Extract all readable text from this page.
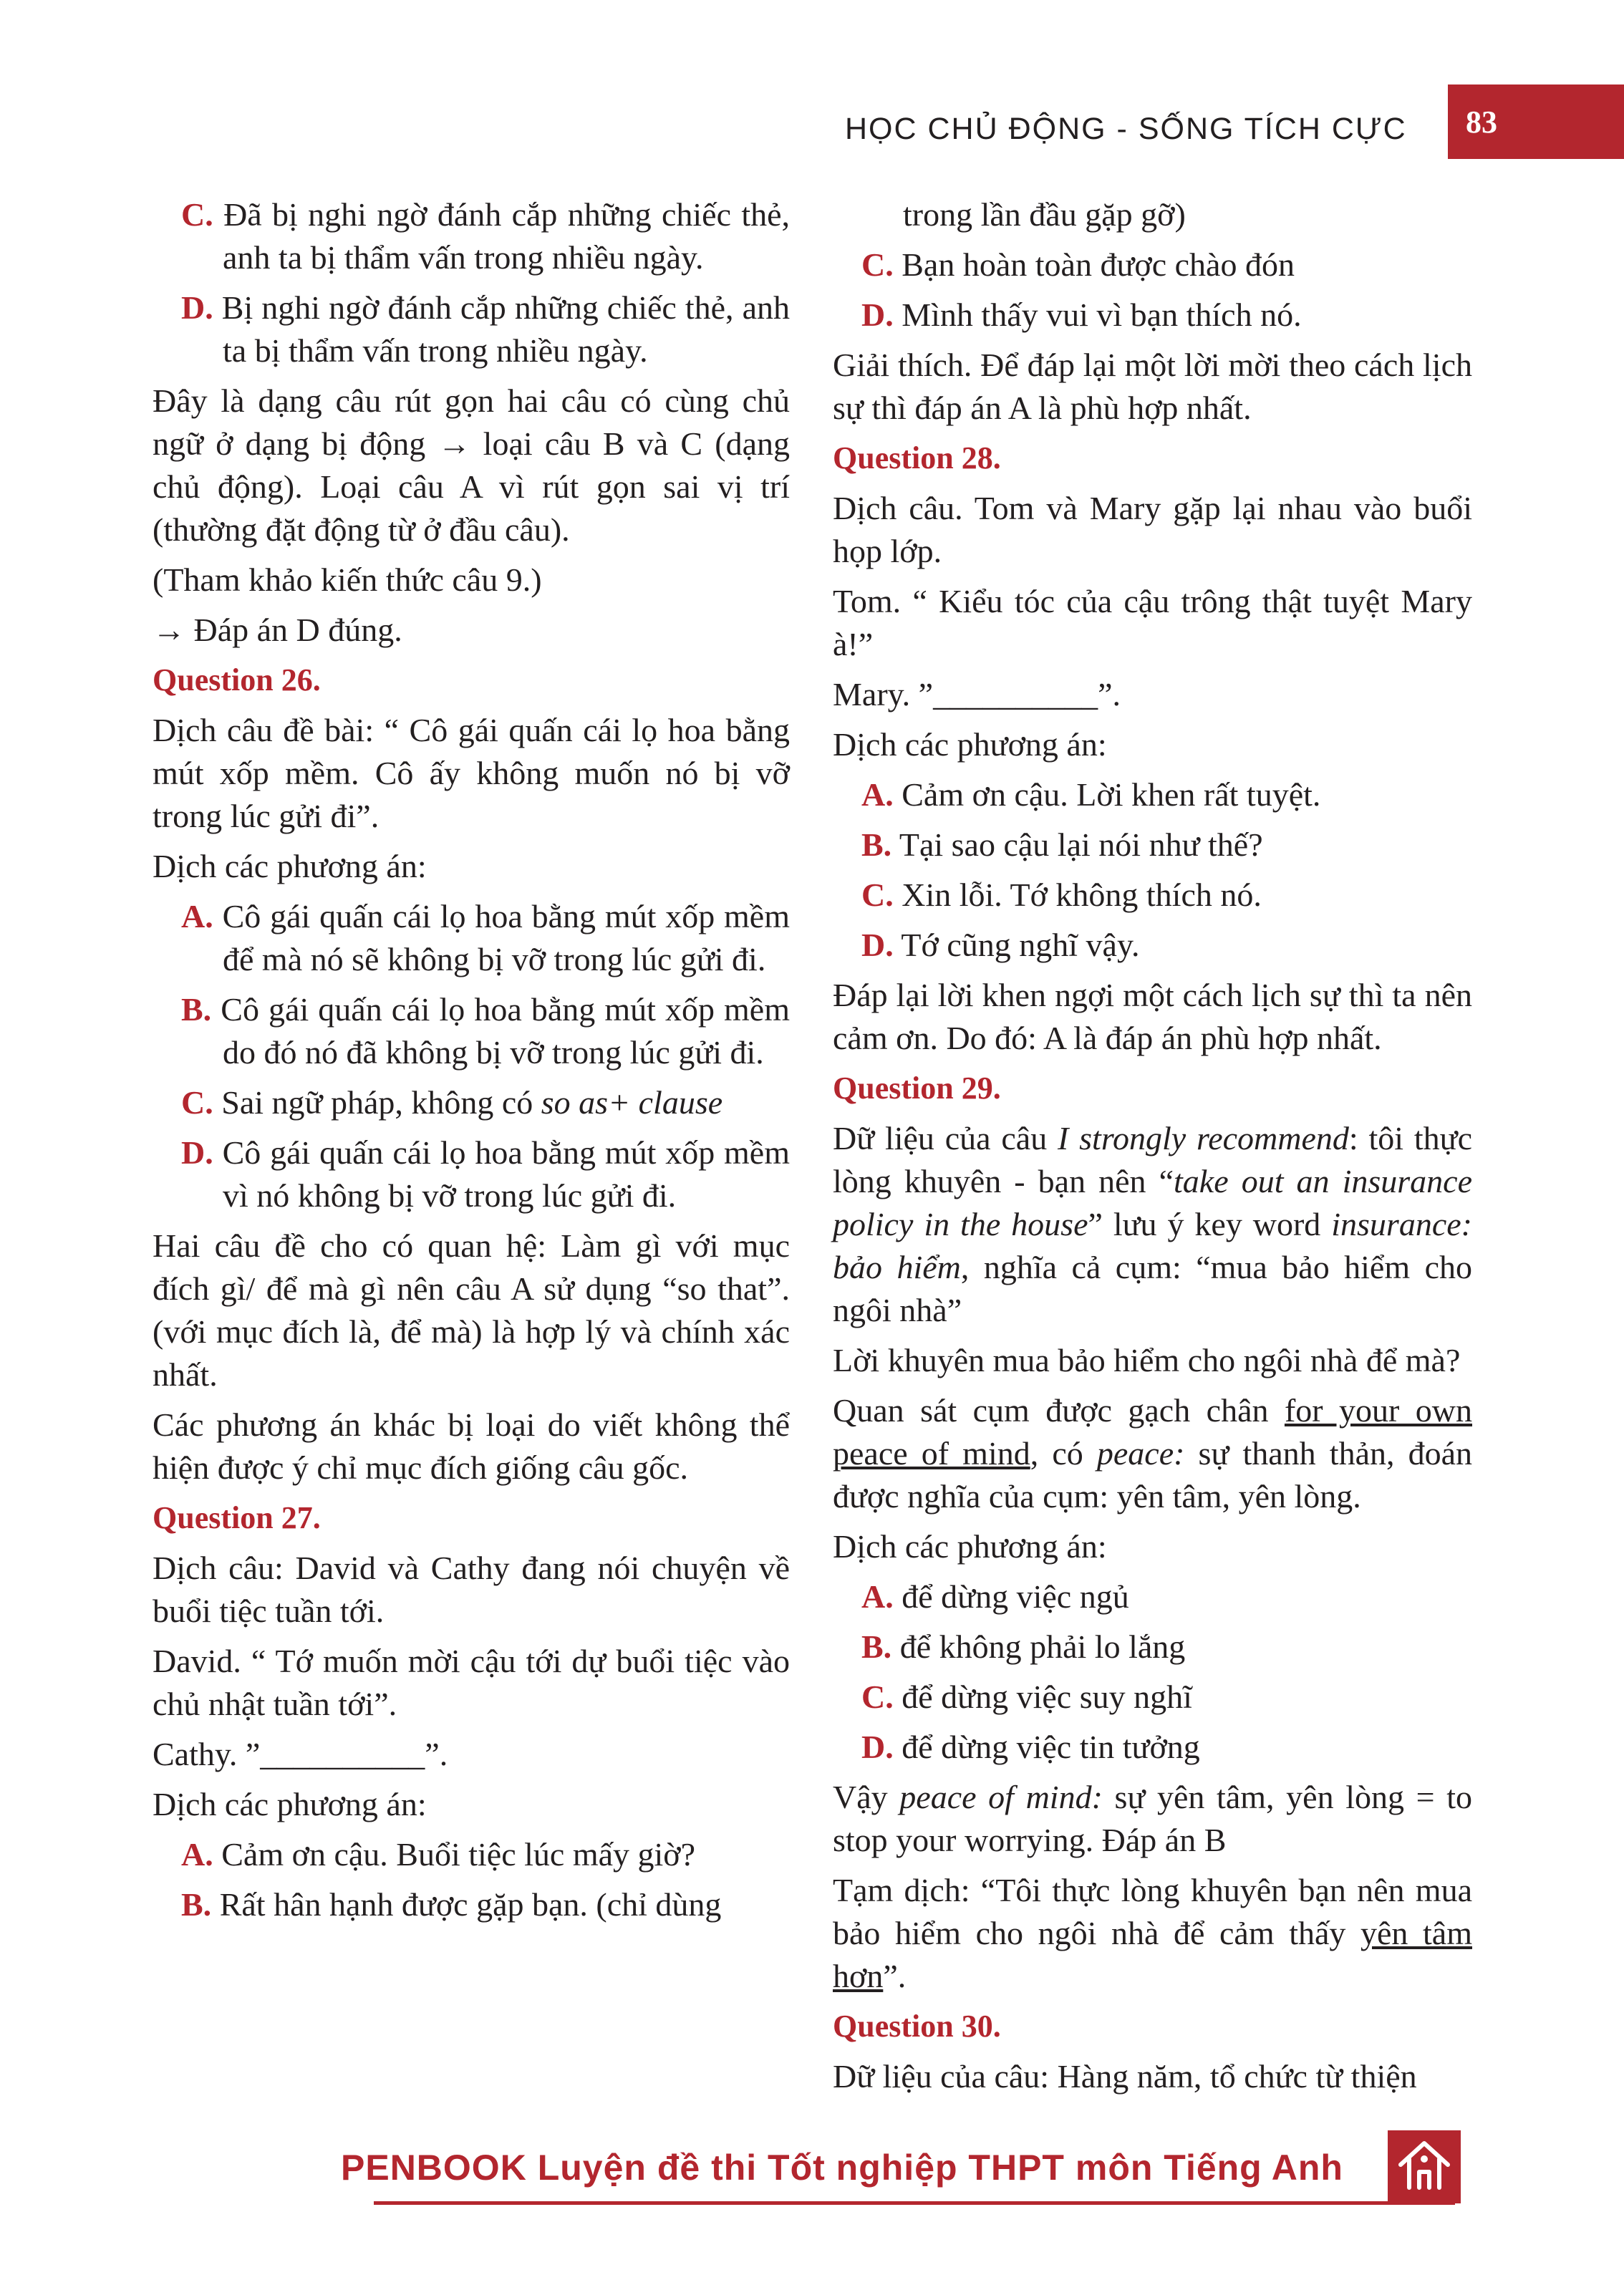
HỌC CHỦ ĐỘNG - SỐNG TÍCH CỰC	83

C. Đã bị nghi ngờ đánh cắp những chiếc thẻ, anh ta bị thẩm vấn trong nhiều ngày.

D. Bị nghi ngờ đánh cắp những chiếc thẻ, anh ta bị thẩm vấn trong nhiều ngày.

Đây là dạng câu rút gọn hai câu có cùng chủ ngữ ở dạng bị động → loại câu B và C (dạng chủ động). Loại câu A vì rút gọn sai vị trí (thường đặt động từ ở đầu câu).

(Tham khảo kiến thức câu 9.)

→ Đáp án D đúng.

Question 26.

Dịch câu đề bài: “ Cô gái quấn cái lọ hoa bằng mút xốp mềm. Cô ấy không muốn nó bị vỡ trong lúc gửi đi”.

Dịch các phương án:

A. Cô gái quấn cái lọ hoa bằng mút xốp mềm để mà nó sẽ không bị vỡ trong lúc gửi đi.

B. Cô gái quấn cái lọ hoa bằng mút xốp mềm do đó nó đã không bị vỡ trong lúc gửi đi.

C. Sai ngữ pháp, không có so as+ clause

D. Cô gái quấn cái lọ hoa bằng mút xốp mềm vì nó không bị vỡ trong lúc gửi đi.

Hai câu đề cho có quan hệ: Làm gì với mục đích gì/ để mà gì nên câu A sử dụng “so that”. (với mục đích là, để mà) là hợp lý và chính xác nhất.

Các phương án khác bị loại do viết không thể hiện được ý chỉ mục đích giống câu gốc.

Question 27.

Dịch câu: David và Cathy đang nói chuyện về buổi tiệc tuần tới.

David. “ Tớ muốn mời cậu tới dự buổi tiệc vào chủ nhật tuần tới”.

Cathy. ”__________”.

Dịch các phương án:

A. Cảm ơn cậu. Buổi tiệc lúc mấy giờ?

B. Rất hân hạnh được gặp bạn. (chỉ dùng

trong lần đầu gặp gỡ)

C. Bạn hoàn toàn được chào đón

D. Mình thấy vui vì bạn thích nó.

Giải thích. Để đáp lại một lời mời theo cách lịch sự thì đáp án A là phù hợp nhất.

Question 28.

Dịch câu. Tom và Mary gặp lại nhau vào buổi họp lớp.

Tom. “ Kiểu tóc của cậu trông thật tuyệt Mary à!”

Mary. ”__________”.

Dịch các phương án:

A. Cảm ơn cậu. Lời khen rất tuyệt.

B. Tại sao cậu lại nói như thế?

C. Xin lỗi. Tớ không thích nó.

D. Tớ cũng nghĩ vậy.

Đáp lại lời khen ngợi một cách lịch sự thì ta nên cảm ơn. Do đó: A là đáp án phù hợp nhất.

Question 29.

Dữ liệu của câu I strongly recommend: tôi thực lòng khuyên - bạn nên “take out an insurance policy in the house” lưu ý key word insurance: bảo hiểm, nghĩa cả cụm: “mua bảo hiểm cho ngôi nhà”

Lời khuyên mua bảo hiểm cho ngôi nhà để mà?

Quan sát cụm được gạch chân for your own peace of mind, có peace: sự thanh thản, đoán được nghĩa của cụm: yên tâm, yên lòng.

Dịch các phương án:

A. để dừng việc ngủ

B. để không phải lo lắng

C. để dừng việc suy nghĩ

D. để dừng việc tin tưởng

Vậy peace of mind: sự yên tâm, yên lòng = to stop your worrying. Đáp án B

Tạm dịch: “Tôi thực lòng khuyên bạn nên mua bảo hiểm cho ngôi nhà để cảm thấy yên tâm hơn”.

Question 30.

Dữ liệu của câu: Hàng năm, tổ chức từ thiện

PENBOOK Luyện đề thi Tốt nghiệp THPT môn Tiếng Anh
